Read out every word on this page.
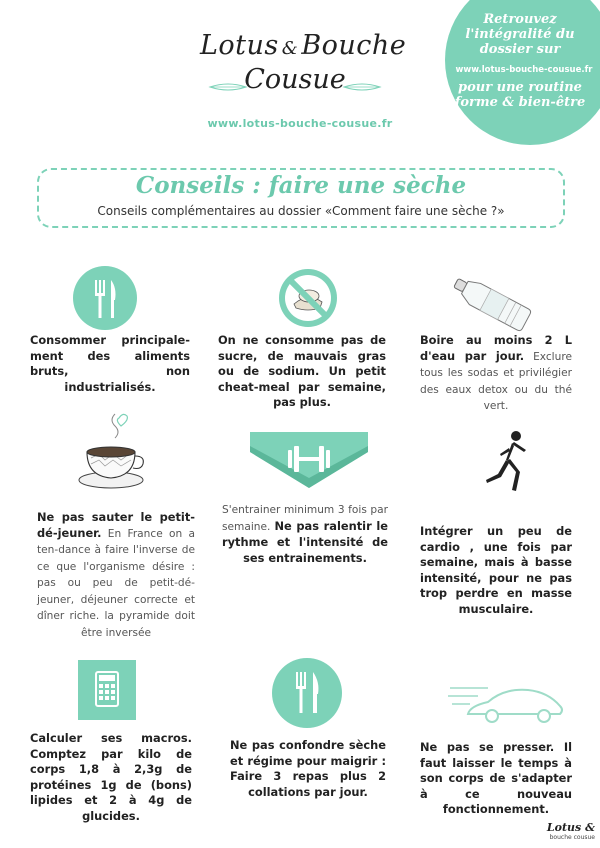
Lotus & Bouche
Cousue
www.lotus-bouche-cousue.fr
Retrouvez l'intégralité du dossier sur
www.lotus-bouche-cousue.fr
pour une routine forme & bien-être
Conseils : faire une sèche
Conseils complémentaires au dossier «Comment faire une sèche ?»
Consommer principale-ment des aliments bruts, non industrialisés.
On ne consomme pas de sucre, de mauvais gras ou de sodium. Un petit cheat-meal par semaine, pas plus.
Boire au moins 2 L d'eau par jour. Exclure tous les sodas et privilégier des eaux detox ou du thé vert.
Ne pas sauter le petit-dé-jeuner. En France on a ten-dance à faire l'inverse de ce que l'organisme désire : pas ou peu de petit-dé-jeuner, déjeuner correcte et dîner riche. la pyramide doit être inversée
S'entrainer minimum 3 fois par semaine. Ne pas ralentir le rythme et l'intensité de ses entrainements.
Intégrer un peu de cardio , une fois par semaine, mais à basse intensité, pour ne pas trop perdre en masse musculaire.
Calculer ses macros. Comptez par kilo de corps 1,8 à 2,3g de protéines 1g de (bons) lipides et 2 à 4g de glucides.
Ne pas confondre sèche et régime pour maigrir : Faire 3 repas plus 2 collations par jour.
Ne pas se presser. Il faut laisser le temps à son corps de s'adapter à ce nouveau fonctionnement.
Lotus &
bouche cousue
